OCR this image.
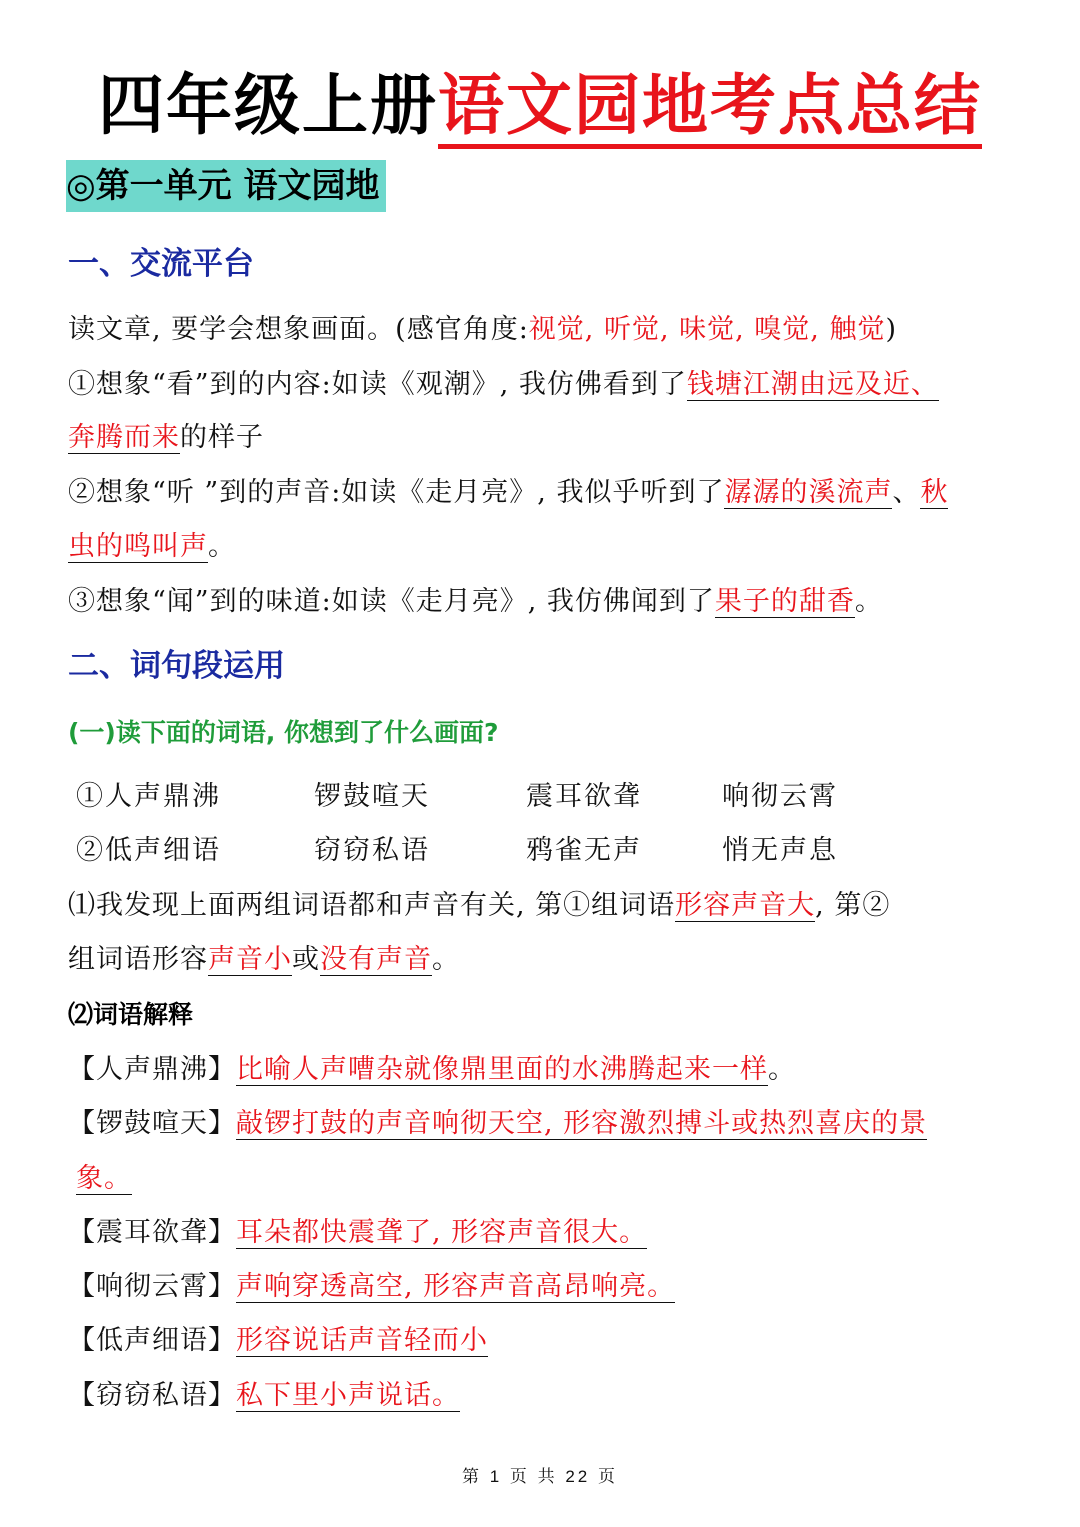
四年级上册语文园地考点总结
◎第一单元 语文园地
一、交流平台
读文章, 要学会想象画面。(感官角度:视觉, 听觉, 味觉, 嗅觉, 触觉)
①想象“看”到的内容:如读《观潮》, 我仿佛看到了钱塘江潮由远及近、
奔腾而来的样子
②想象“听 ”到的声音:如读《走月亮》, 我似乎听到了潺潺的溪流声、秋
虫的鸣叫声。
③想象“闻”到的味道:如读《走月亮》, 我仿佛闻到了果子的甜香。
二、词句段运用
(一)读下面的词语, 你想到了什么画面?
①人声鼎沸	锣鼓喧天	震耳欲聋	响彻云霄
②低声细语	窃窃私语	鸦雀无声	悄无声息
⑴我发现上面两组词语都和声音有关, 第①组词语形容声音大, 第②
组词语形容声音小或没有声音。
⑵词语解释
【人声鼎沸】比喻人声嘈杂就像鼎里面的水沸腾起来一样。
【锣鼓喧天】敲锣打鼓的声音响彻天空, 形容激烈搏斗或热烈喜庆的景
象。
【震耳欲聋】耳朵都快震聋了, 形容声音很大。
【响彻云霄】声响穿透高空, 形容声音高昂响亮。
【低声细语】形容说话声音轻而小
【窃窃私语】私下里小声说话。
第 1 页 共 22 页
